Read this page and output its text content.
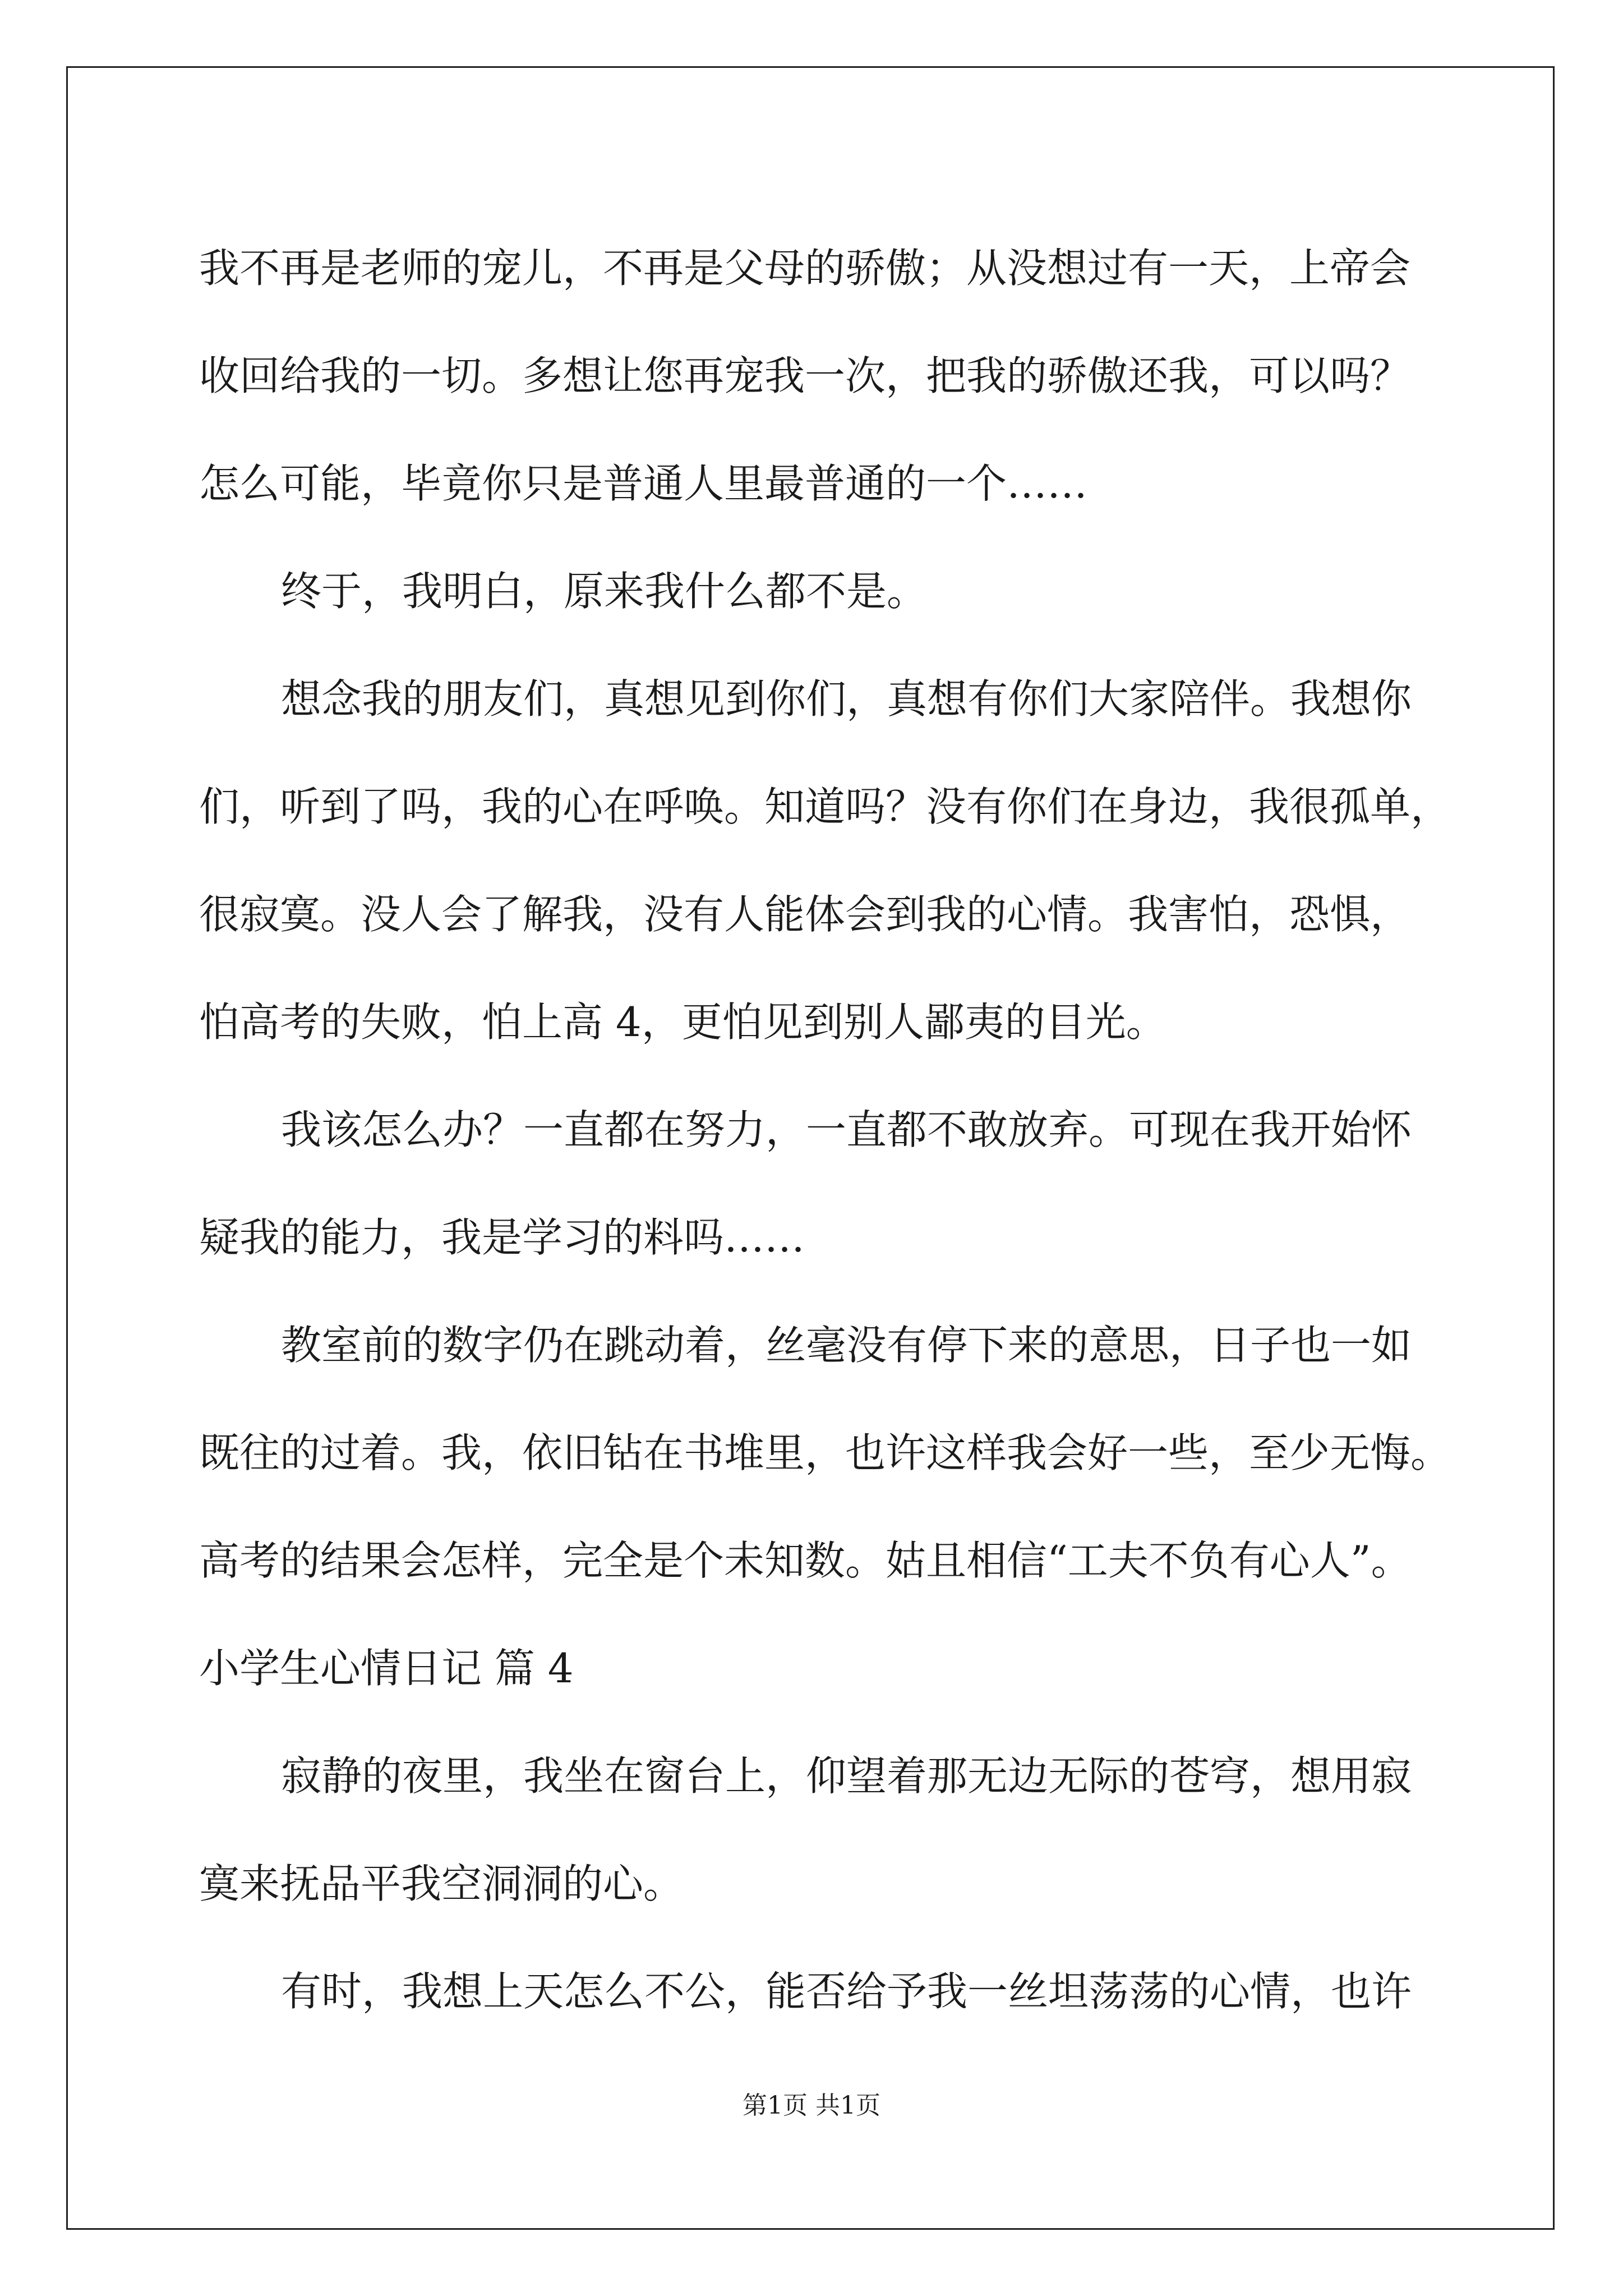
我不再是老师的宠儿，不再是父母的骄傲；从没想过有一天，上帝会
收回给我的一切。多想让您再宠我一次，把我的骄傲还我，可以吗？
怎么可能，毕竟你只是普通人里最普通的一个……
终于，我明白，原来我什么都不是。
想念我的朋友们，真想见到你们，真想有你们大家陪伴。我想你
们，听到了吗，我的心在呼唤。知道吗？没有你们在身边，我很孤单，
很寂寞。没人会了解我，没有人能体会到我的心情。我害怕，恐惧，
怕高考的失败，怕上高 4，更怕见到别人鄙夷的目光。
我该怎么办？一直都在努力，一直都不敢放弃。可现在我开始怀
疑我的能力，我是学习的料吗……
教室前的数字仍在跳动着，丝毫没有停下来的意思，日子也一如
既往的过着。我，依旧钻在书堆里，也许这样我会好一些，至少无悔。
高考的结果会怎样，完全是个未知数。姑且相信“工夫不负有心人”。
小学生心情日记 篇 4
寂静的夜里，我坐在窗台上，仰望着那无边无际的苍穹，想用寂
寞来抚品平我空洞洞的心。
有时，我想上天怎么不公，能否给予我一丝坦荡荡的心情，也许
第1页 共1页
